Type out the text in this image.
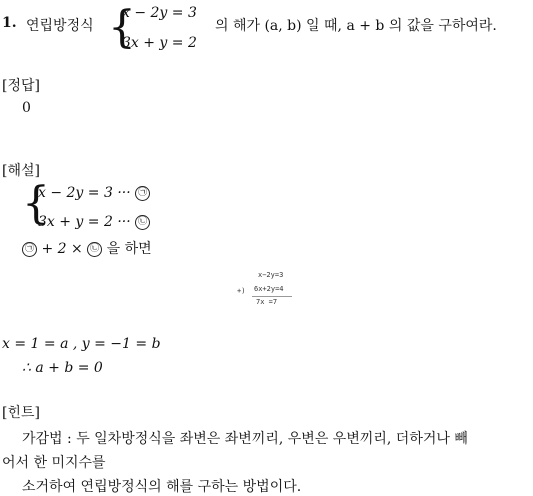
1. 연립방정식 {
x − 2y = 3
3x + y = 2
의 해가 (a, b) 일 때, a + b 의 값을 구하여라.
[정답]
0
[해설]
{
x − 2y = 3 ··· ㉠
3x + y = 2 ··· ㉡
㉠ + 2 × ㉡ 을 하면
x−2y=3
+) 6x+2y=4
7x =7
x = 1 = a , y = −1 = b
∴ a + b = 0
[힌트]
가감법 : 두 일차방정식을 좌변은 좌변끼리, 우변은 우변끼리, 더하거나 빼
어서 한 미지수를
소거하여 연립방정식의 해를 구하는 방법이다.
